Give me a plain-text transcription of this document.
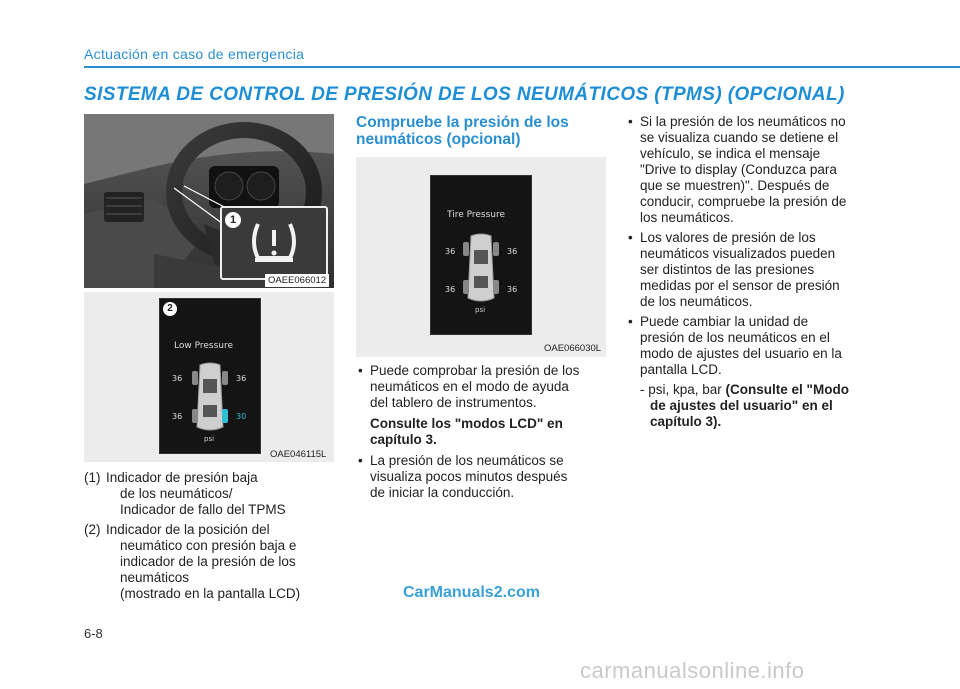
Actuación en caso de emergencia
SISTEMA DE CONTROL DE PRESIÓN DE LOS NEUMÁTICOS (TPMS) (OPCIONAL)
1
OAEE066012
Low Pressure
36	36
36	30
psi
2
OAE046115L
(1) Indicador de presión baja
de los neumáticos/
Indicador de fallo del TPMS
(2) Indicador de la posición del
neumático con presión baja e
indicador de la presión de los
neumáticos
(mostrado en la pantalla LCD)
Compruebe la presión de los
neumáticos (opcional)
Tire Pressure
36	36
36	36
psi
OAE066030L
• Puede comprobar la presión de los
neumáticos en el modo de ayuda
del tablero de instrumentos.
Consulte los "modos LCD" en
capítulo 3.
• La presión de los neumáticos se
visualiza pocos minutos después
de iniciar la conducción.
• Si la presión de los neumáticos no
se visualiza cuando se detiene el
vehículo, se indica el mensaje
"Drive to display (Conduzca para
que se muestren)". Después de
conducir, compruebe la presión de
los neumáticos.
• Los valores de presión de los
neumáticos visualizados pueden
ser distintos de las presiones
medidas por el sensor de presión
de los neumáticos.
• Puede cambiar la unidad de
presión de los neumáticos en el
modo de ajustes del usuario en la
pantalla LCD.
- psi, kpa, bar (Consulte el "Modo
de ajustes del usuario" en el
capítulo 3).
CarManuals2.com
6-8
carmanualsonline.info
